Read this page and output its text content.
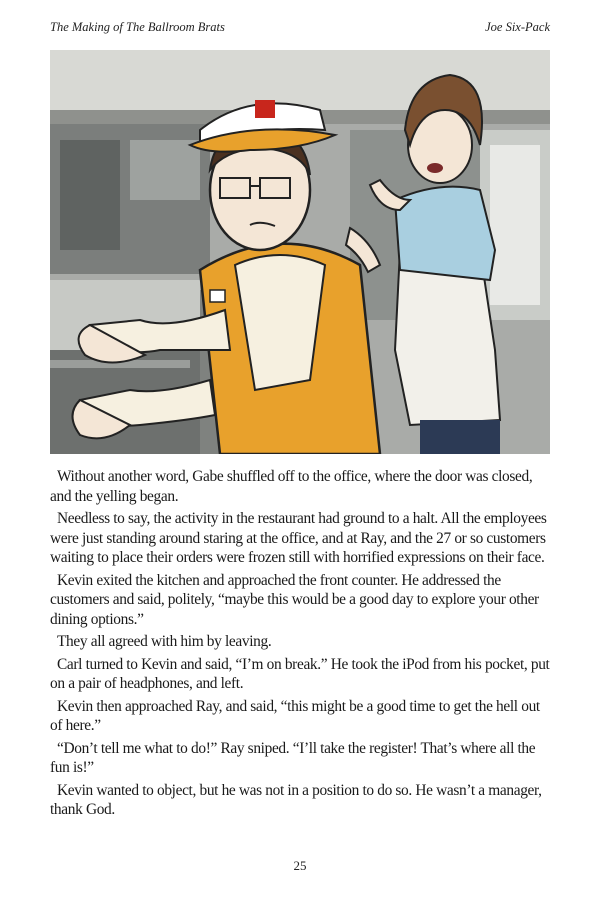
The Making of The Ballroom Brats	Joe Six-Pack

Without another word, Gabe shuffled off to the office, where the door was closed, and the yelling began.

Needless to say, the activity in the restaurant had ground to a halt. All the employees were just standing around staring at the office, and at Ray, and the 27 or so customers waiting to place their orders were frozen still with horrified expressions on their face.

Kevin exited the kitchen and approached the front counter. He addressed the customers and said, politely, “maybe this would be a good day to explore your other dining options.”

They all agreed with him by leaving.

Carl turned to Kevin and said, “I’m on break.” He took the iPod from his pocket, put on a pair of headphones, and left.

Kevin then approached Ray, and said, “this might be a good time to get the hell out of here.”

“Don’t tell me what to do!” Ray sniped. “I’ll take the register! That’s where all the fun is!”

Kevin wanted to object, but he was not in a position to do so. He wasn’t a manager, thank God.

25
